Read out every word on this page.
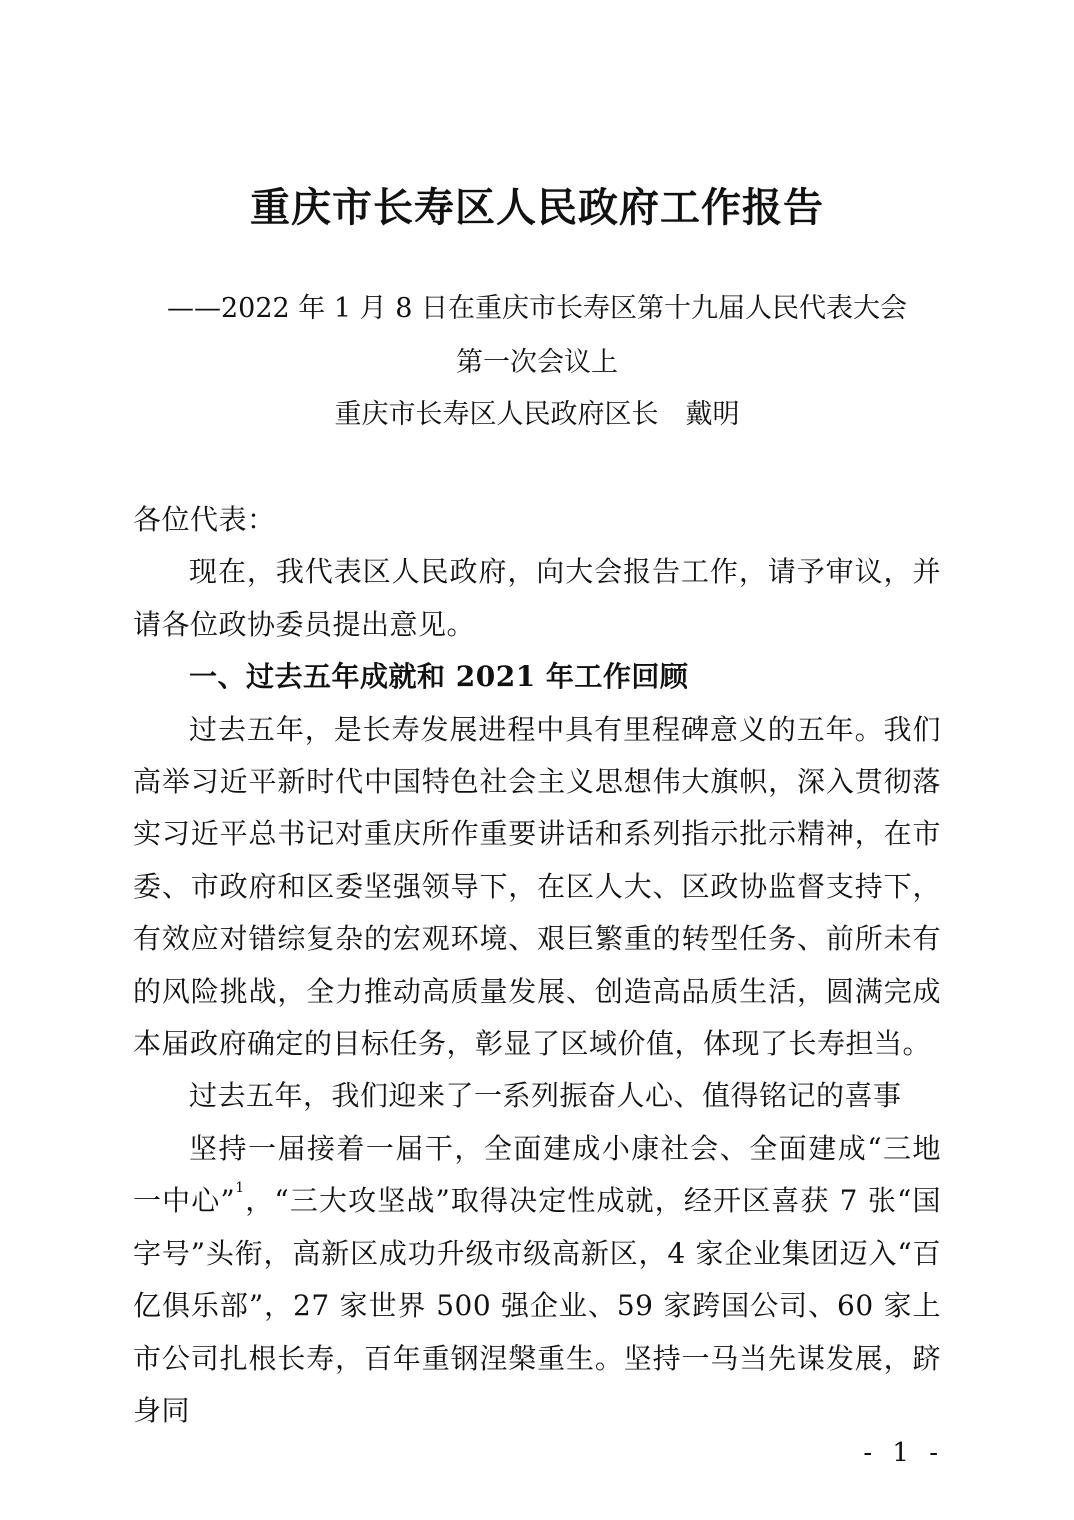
重庆市长寿区人民政府工作报告
——2022 年 1 月 8 日在重庆市长寿区第十九届人民代表大会
第一次会议上
重庆市长寿区人民政府区长　戴明

各位代表：

现在，我代表区人民政府，向大会报告工作，请予审议，并请各位政协委员提出意见。

一、过去五年成就和 2021 年工作回顾

过去五年，是长寿发展进程中具有里程碑意义的五年。我们高举习近平新时代中国特色社会主义思想伟大旗帜，深入贯彻落实习近平总书记对重庆所作重要讲话和系列指示批示精神，在市委、市政府和区委坚强领导下，在区人大、区政协监督支持下，有效应对错综复杂的宏观环境、艰巨繁重的转型任务、前所未有的风险挑战，全力推动高质量发展、创造高品质生活，圆满完成本届政府确定的目标任务，彰显了区域价值，体现了长寿担当。

过去五年，我们迎来了一系列振奋人心、值得铭记的喜事

坚持一届接着一届干，全面建成小康社会、全面建成“三地一中心”$^1$，“三大攻坚战”取得决定性成就，经开区喜获 7 张“国字号”头衔，高新区成功升级市级高新区，4 家企业集团迈入“百亿俱乐部”，27 家世界 500 强企业、59 家跨国公司、60 家上市公司扎根长寿，百年重钢涅槃重生。坚持一马当先谋发展，跻身同

- 1 -
